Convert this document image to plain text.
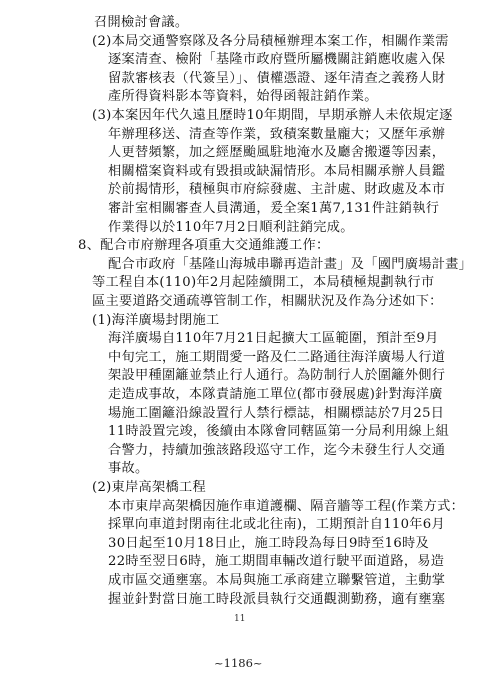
召開檢討會議。
(2)本局交通警察隊及各分局積極辦理本案工作，相關作業需
逐案清查、檢附「基隆市政府暨所屬機關註銷應收處入保
留款審核表（代簽呈）」、債權憑證、逐年清查之義務人財
產所得資料影本等資料，始得函報註銷作業。
(3)本案因年代久遠且歷時10年期間，早期承辦人未依規定逐
年辦理移送、清查等作業，致積案數量龐大；又歷年承辦
人更替頻繁，加之經歷颱風駐地淹水及廳舍搬遷等因素，
相關檔案資料或有毀損或缺漏情形。本局相關承辦人員鑑
於前揭情形，積極與市府綜發處、主計處、財政處及本市
審計室相關審查人員溝通，爰全案1萬7,131件註銷執行
作業得以於110年7月2日順利註銷完成。
8、配合市府辦理各項重大交通維護工作：
配合市政府「基隆山海城串聯再造計畫」及「國門廣場計畫」
等工程自本(110)年2月起陸續開工，本局積極規劃執行市
區主要道路交通疏導管制工作，相關狀況及作為分述如下：
(1)海洋廣場封閉施工
海洋廣場自110年7月21日起擴大工區範圍，預計至9月
中旬完工，施工期間愛一路及仁二路通往海洋廣場人行道
架設甲種圍籬並禁止行人通行。為防制行人於圍籬外側行
走造成事故，本隊責請施工單位(都市發展處)針對海洋廣
場施工圍籬沿線設置行人禁行標誌，相關標誌於7月25日
11時設置完竣，後續由本隊會同轄區第一分局利用線上組
合警力，持續加強該路段巡守工作，迄今未發生行人交通
事故。
(2)東岸高架橋工程
11
~1186~
本市東岸高架橋因施作車道護欄、隔音牆等工程(作業方式：
採單向車道封閉南往北或北往南)，工期預計自110年6月
30日起至10月18日止，施工時段為每日9時至16時及
22時至翌日6時，施工期間車輛改道行駛平面道路，易造
成市區交通壅塞。本局與施工承商建立聯繫管道，主動掌
握並針對當日施工時段派員執行交通觀測勤務，適有壅塞
